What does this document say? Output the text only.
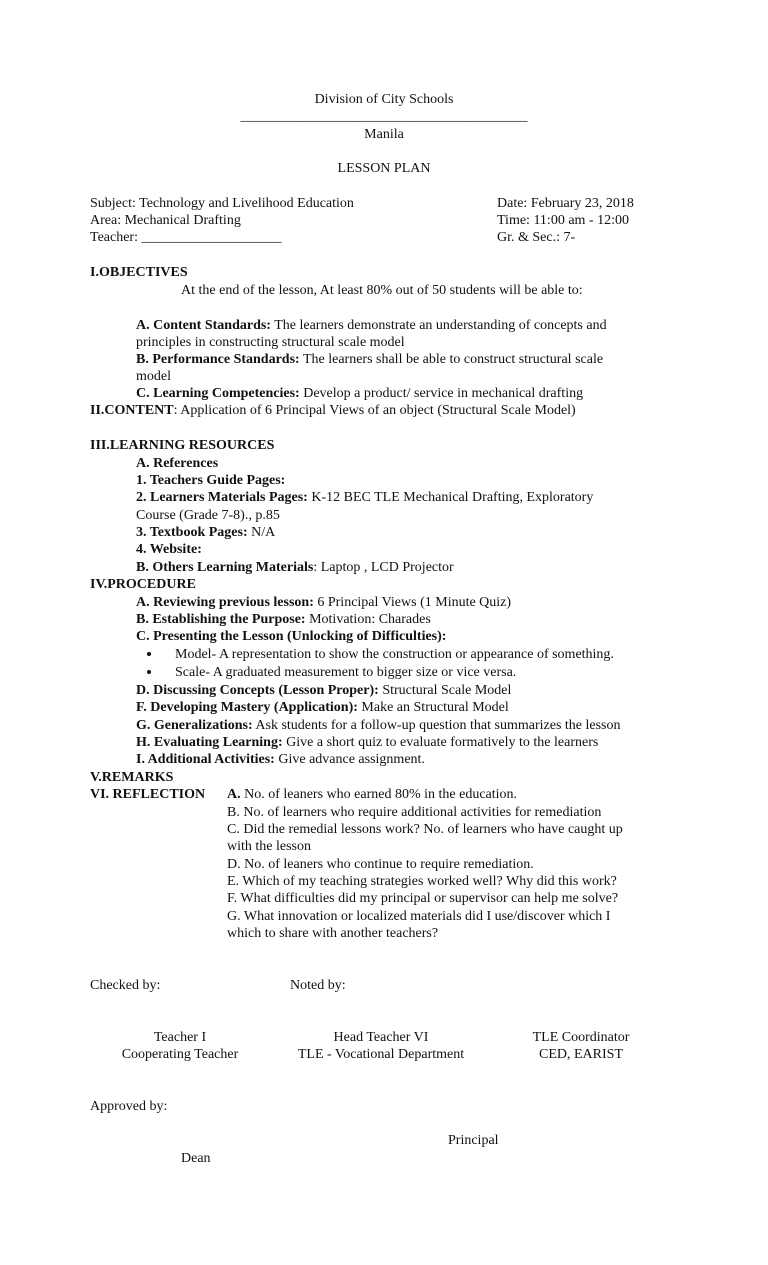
Division of City Schools
_________________________________________
Manila
LESSON PLAN
Subject: Technology and Livelihood Education
Area: Mechanical Drafting
Teacher: ____________________
Date: February 23, 2018
Time: 11:00 am - 12:00
Gr. & Sec.: 7-
I.OBJECTIVES
At the end of the lesson, At least 80% out of 50 students will be able to:
A. Content Standards: The learners demonstrate an understanding of concepts and
principles in constructing structural scale model
B. Performance Standards: The learners shall be able to construct structural scale
model
C. Learning Competencies: Develop a product/ service in mechanical drafting
II.CONTENT: Application of 6 Principal Views of an object (Structural Scale Model)
III.LEARNING RESOURCES
A. References
1. Teachers Guide Pages:
2. Learners Materials Pages: K-12 BEC TLE Mechanical Drafting, Exploratory
Course (Grade 7-8)., p.85
3. Textbook Pages: N/A
4. Website:
B. Others Learning Materials: Laptop , LCD Projector
IV.PROCEDURE
A. Reviewing previous lesson: 6 Principal Views (1 Minute Quiz)
B. Establishing the Purpose: Motivation: Charades
C. Presenting the Lesson (Unlocking of Difficulties):
Model- A representation to show the construction or appearance of something.
Scale- A graduated measurement to bigger size or vice versa.
D. Discussing Concepts (Lesson Proper): Structural Scale Model
F. Developing Mastery (Application): Make an Structural Model
G. Generalizations: Ask students for a follow-up question that summarizes the lesson
H. Evaluating Learning: Give a short quiz to evaluate formatively to the learners
I. Additional Activities: Give advance assignment.
V.REMARKS
VI. REFLECTION A. No. of leaners who earned 80% in the education.
B. No. of learners who require additional activities for remediation
C. Did the remedial lessons work? No. of learners who have caught up
with the lesson
D. No. of leaners who continue to require remediation.
E. Which of my teaching strategies worked well? Why did this work?
F. What difficulties did my principal or supervisor can help me solve?
G. What innovation or localized materials did I use/discover which I
which to share with another teachers?
Checked by:	Noted by:
Teacher I
Cooperating Teacher
Head Teacher VI
TLE - Vocational Department
TLE Coordinator
CED, EARIST
Approved by:
Principal
Dean
